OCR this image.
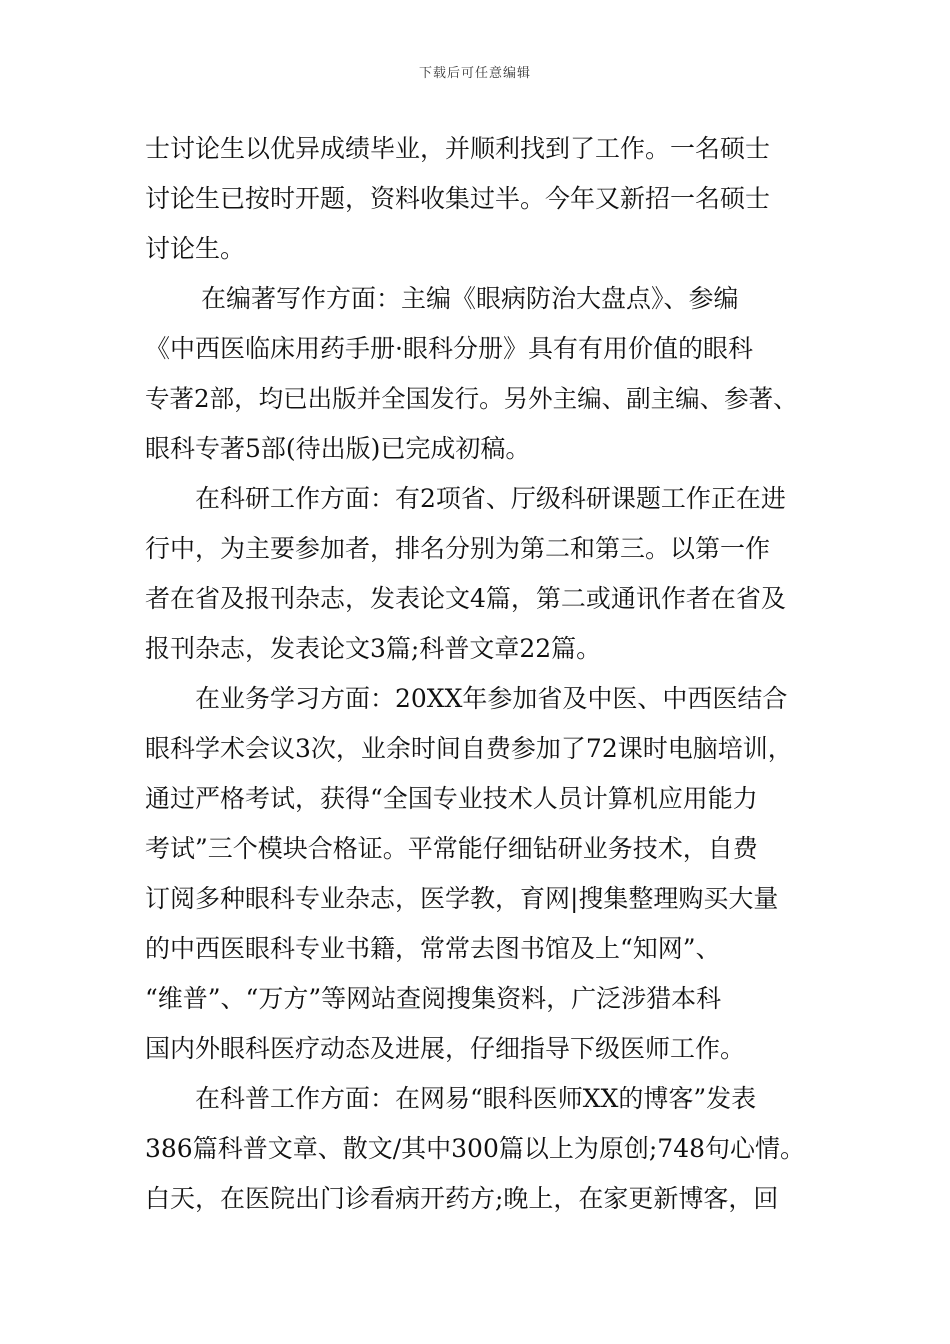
下载后可任意编辑
士讨论生以优异成绩毕业，并顺利找到了工作。一名硕士
讨论生已按时开题，资料收集过半。今年又新招一名硕士
讨论生。
在编著写作方面：主编《眼病防治大盘点》、参编
《中西医临床用药手册·眼科分册》具有有用价值的眼科
专著2部，均已出版并全国发行。另外主编、副主编、参著、
眼科专著5部(待出版)已完成初稿。
在科研工作方面：有2项省、厅级科研课题工作正在进
行中，为主要参加者，排名分别为第二和第三。以第一作
者在省及报刊杂志，发表论文4篇，第二或通讯作者在省及
报刊杂志，发表论文3篇;科普文章22篇。
在业务学习方面：20XX年参加省及中医、中西医结合
眼科学术会议3次，业余时间自费参加了72课时电脑培训，
通过严格考试，获得“全国专业技术人员计算机应用能力
考试”三个模块合格证。平常能仔细钻研业务技术，自费
订阅多种眼科专业杂志，医学教，育网|搜集整理购买大量
的中西医眼科专业书籍，常常去图书馆及上“知网”、
“维普”、“万方”等网站查阅搜集资料，广泛涉猎本科
国内外眼科医疗动态及进展，仔细指导下级医师工作。
在科普工作方面：在网易“眼科医师XX的博客”发表
386篇科普文章、散文/其中300篇以上为原创;748句心情。
白天，在医院出门诊看病开药方;晚上，在家更新博客，回
